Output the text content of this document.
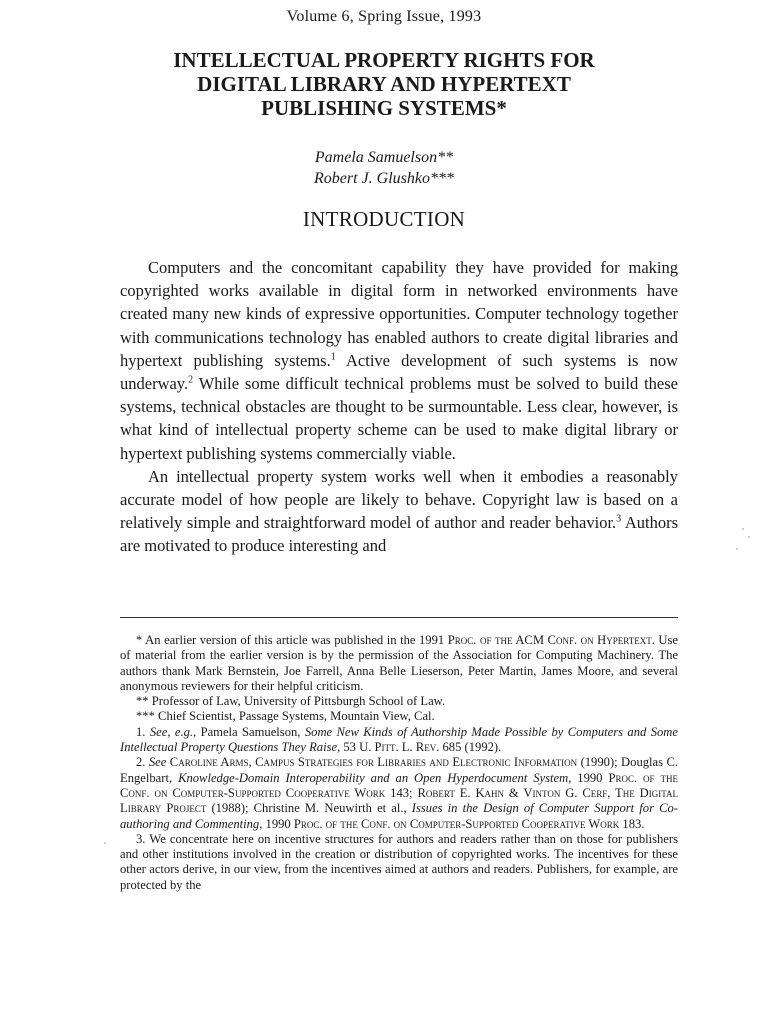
Volume 6, Spring Issue, 1993
INTELLECTUAL PROPERTY RIGHTS FOR
DIGITAL LIBRARY AND HYPERTEXT
PUBLISHING SYSTEMS*
Pamela Samuelson**
Robert J. Glushko***
INTRODUCTION

Computers and the concomitant capability they have provided for making copyrighted works available in digital form in networked environments have created many new kinds of expressive opportunities. Computer technology together with communications technology has enabled authors to create digital libraries and hypertext publishing systems.$^1$ Active development of such systems is now underway.$^2$ While some difficult technical problems must be solved to build these systems, technical obstacles are thought to be surmountable. Less clear, however, is what kind of intellectual property scheme can be used to make digital library or hypertext publishing systems commercially viable.

An intellectual property system works well when it embodies a reasonably accurate model of how people are likely to behave. Copyright law is based on a relatively simple and straightforward model of author and reader behavior.$^3$ Authors are motivated to produce interesting and

* An earlier version of this article was published in the 1991 Proc. of the ACM Conf. on Hypertext. Use of material from the earlier version is by the permission of the Association for Computing Machinery. The authors thank Mark Bernstein, Joe Farrell, Anna Belle Lieserson, Peter Martin, James Moore, and several anonymous reviewers for their helpful criticism.

** Professor of Law, University of Pittsburgh School of Law.

*** Chief Scientist, Passage Systems, Mountain View, Cal.

1. See, e.g., Pamela Samuelson, Some New Kinds of Authorship Made Possible by Computers and Some Intellectual Property Questions They Raise, 53 U. Pitt. L. Rev. 685 (1992).

2. See Caroline Arms, Campus Strategies for Libraries and Electronic Information (1990); Douglas C. Engelbart, Knowledge-Domain Interoperability and an Open Hyperdocument System, 1990 Proc. of the Conf. on Computer-Supported Cooperative Work 143; Robert E. Kahn & Vinton G. Cerf, The Digital Library Project (1988); Christine M. Neuwirth et al., Issues in the Design of Computer Support for Co-authoring and Commenting, 1990 Proc. of the Conf. on Computer-Supported Cooperative Work 183.

3. We concentrate here on incentive structures for authors and readers rather than on those for publishers and other institutions involved in the creation or distribution of copyrighted works. The incentives for these other actors derive, in our view, from the incentives aimed at authors and readers. Publishers, for example, are protected by the
